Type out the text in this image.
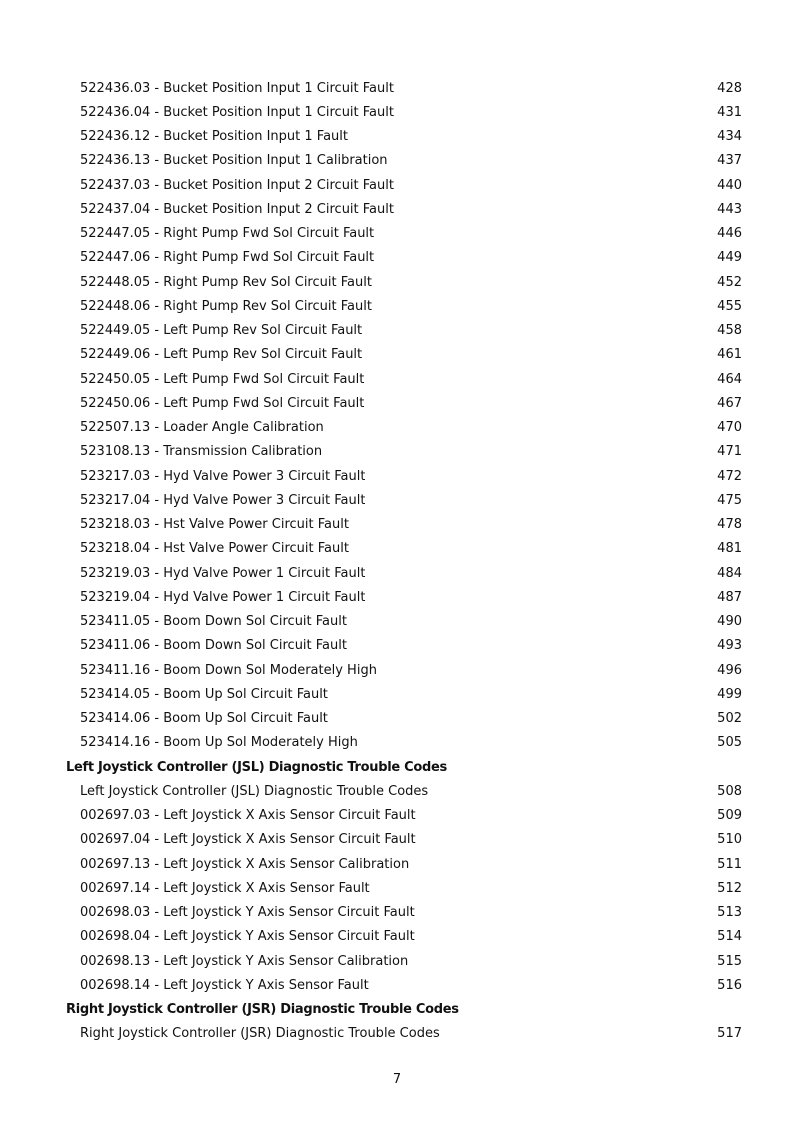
522436.03 - Bucket Position Input 1 Circuit Fault	428
522436.04 - Bucket Position Input 1 Circuit Fault	431
522436.12 - Bucket Position Input 1 Fault	434
522436.13 - Bucket Position Input 1 Calibration	437
522437.03 - Bucket Position Input 2 Circuit Fault	440
522437.04 - Bucket Position Input 2 Circuit Fault	443
522447.05 - Right Pump Fwd Sol Circuit Fault	446
522447.06 - Right Pump Fwd Sol Circuit Fault	449
522448.05 - Right Pump Rev Sol Circuit Fault	452
522448.06 - Right Pump Rev Sol Circuit Fault	455
522449.05 - Left Pump Rev Sol Circuit Fault	458
522449.06 - Left Pump Rev Sol Circuit Fault	461
522450.05 - Left Pump Fwd Sol Circuit Fault	464
522450.06 - Left Pump Fwd Sol Circuit Fault	467
522507.13 - Loader Angle Calibration	470
523108.13 - Transmission Calibration	471
523217.03 - Hyd Valve Power 3 Circuit Fault	472
523217.04 - Hyd Valve Power 3 Circuit Fault	475
523218.03 - Hst Valve Power Circuit Fault	478
523218.04 - Hst Valve Power Circuit Fault	481
523219.03 - Hyd Valve Power 1 Circuit Fault	484
523219.04 - Hyd Valve Power 1 Circuit Fault	487
523411.05 - Boom Down Sol Circuit Fault	490
523411.06 - Boom Down Sol Circuit Fault	493
523411.16 - Boom Down Sol Moderately High	496
523414.05 - Boom Up Sol Circuit Fault	499
523414.06 - Boom Up Sol Circuit Fault	502
523414.16 - Boom Up Sol Moderately High	505
Left Joystick Controller (JSL) Diagnostic Trouble Codes
Left Joystick Controller (JSL) Diagnostic Trouble Codes	508
002697.03 - Left Joystick X Axis Sensor Circuit Fault	509
002697.04 - Left Joystick X Axis Sensor Circuit Fault	510
002697.13 - Left Joystick X Axis Sensor Calibration	511
002697.14 - Left Joystick X Axis Sensor Fault	512
002698.03 - Left Joystick Y Axis Sensor Circuit Fault	513
002698.04 - Left Joystick Y Axis Sensor Circuit Fault	514
002698.13 - Left Joystick Y Axis Sensor Calibration	515
002698.14 - Left Joystick Y Axis Sensor Fault	516
Right Joystick Controller (JSR) Diagnostic Trouble Codes
Right Joystick Controller (JSR) Diagnostic Trouble Codes	517
7
